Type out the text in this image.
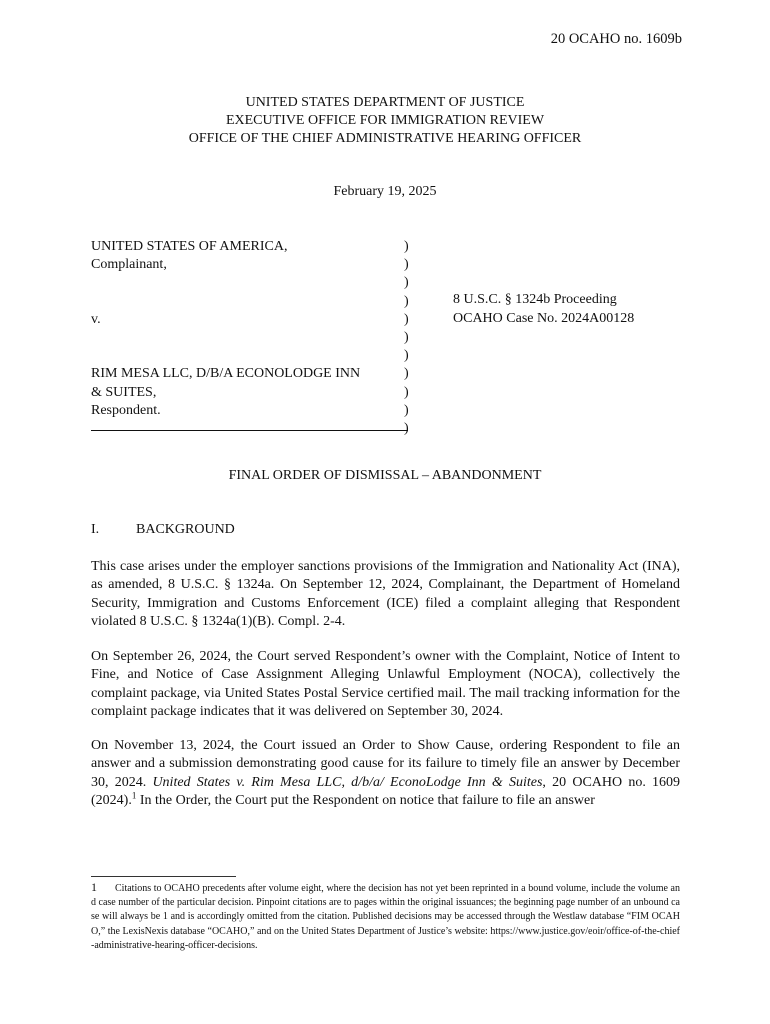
20 OCAHO no. 1609b
UNITED STATES DEPARTMENT OF JUSTICE
EXECUTIVE OFFICE FOR IMMIGRATION REVIEW
OFFICE OF THE CHIEF ADMINISTRATIVE HEARING OFFICER
February 19, 2025
UNITED STATES OF AMERICA,
Complainant,
v.
RIM MESA LLC, D/B/A ECONOLODGE INN
& SUITES,
Respondent.
)
)
)
)
)
)
)
)
)
)
)
8 U.S.C. § 1324b Proceeding
OCAHO Case No. 2024A00128
FINAL ORDER OF DISMISSAL – ABANDONMENT
I.	BACKGROUND
This case arises under the employer sanctions provisions of the Immigration and Nationality Act (INA), as amended, 8 U.S.C. § 1324a. On September 12, 2024, Complainant, the Department of Homeland Security, Immigration and Customs Enforcement (ICE) filed a complaint alleging that Respondent violated 8 U.S.C. § 1324a(1)(B). Compl. 2-4.
On September 26, 2024, the Court served Respondent’s owner with the Complaint, Notice of Intent to Fine, and Notice of Case Assignment Alleging Unlawful Employment (NOCA), collectively the complaint package, via United States Postal Service certified mail. The mail tracking information for the complaint package indicates that it was delivered on September 30, 2024.
On November 13, 2024, the Court issued an Order to Show Cause, ordering Respondent to file an answer and a submission demonstrating good cause for its failure to timely file an answer by December 30, 2024. United States v. Rim Mesa LLC, d/b/a/ EconoLodge Inn & Suites, 20 OCAHO no. 1609 (2024).$^1$ In the Order, the Court put the Respondent on notice that failure to file an answer
1 Citations to OCAHO precedents after volume eight, where the decision has not yet been reprinted in a bound volume, include the volume and case number of the particular decision. Pinpoint citations are to pages within the original issuances; the beginning page number of an unbound case will always be 1 and is accordingly omitted from the citation. Published decisions may be accessed through the Westlaw database “FIM OCAHO,” the LexisNexis database “OCAHO,” and on the United States Department of Justice’s website: https://www.justice.gov/eoir/office-of-the-chief-administrative-hearing-officer-decisions.
